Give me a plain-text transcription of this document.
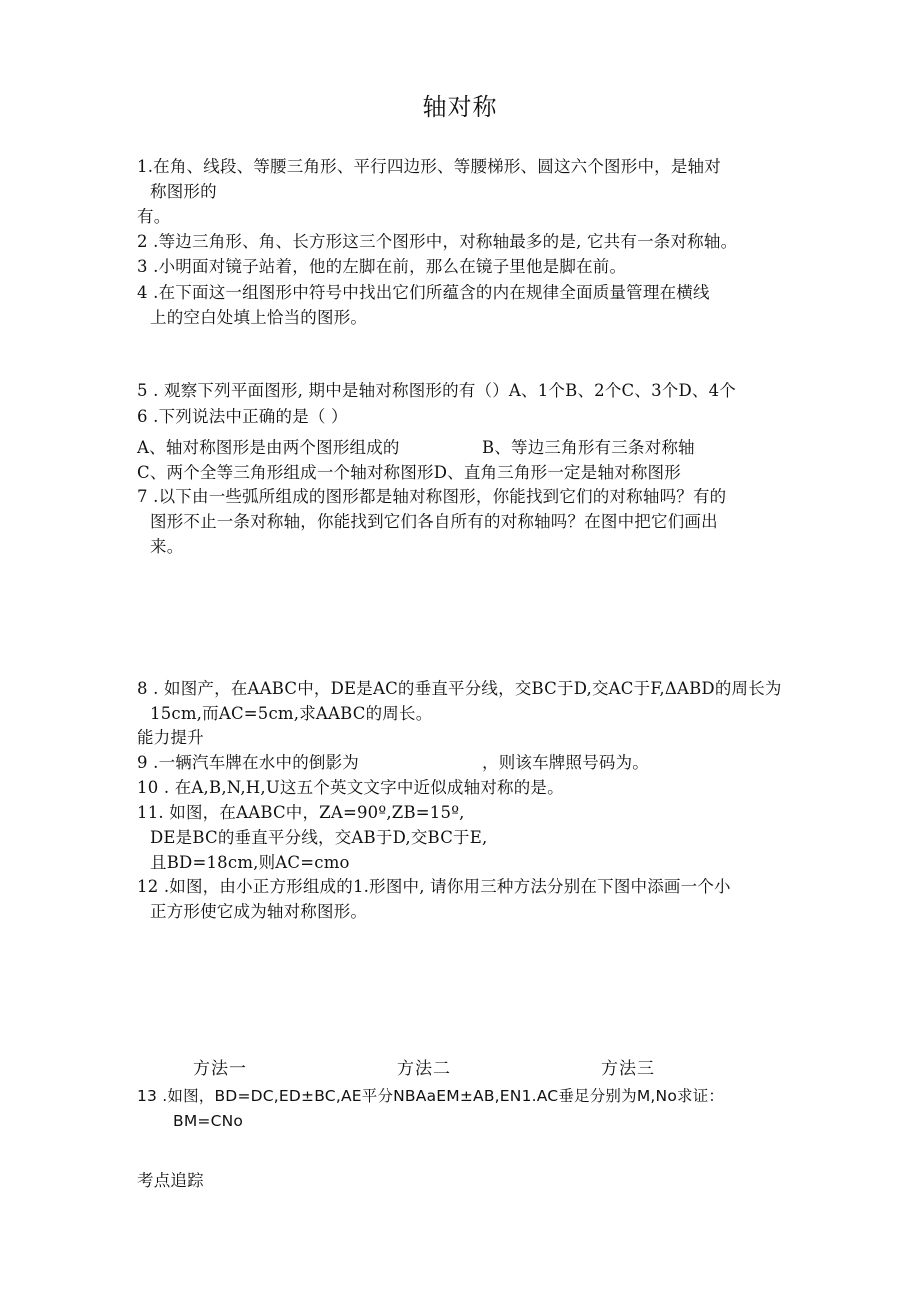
轴对称
1.在角、线段、等腰三角形、平行四边形、等腰梯形、圆这六个图形中，是轴对
称图形的
有。
2 .等边三角形、角、长方形这三个图形中，对称轴最多的是, 它共有一条对称轴。
3 .小明面对镜子站着，他的左脚在前，那么在镜子里他是脚在前。
4 .在下面这一组图形中符号中找出它们所蕴含的内在规律全面质量管理在横线
上的空白处填上恰当的图形。
5 . 观察下列平面图形, 期中是轴对称图形的有（）A、1个B、2个C、3个D、4个
6 .下列说法中正确的是（ ）
A、轴对称图形是由两个图形组成的	B、等边三角形有三条对称轴
C、两个全等三角形组成一个轴对称图形D、直角三角形一定是轴对称图形
7 .以下由一些弧所组成的图形都是轴对称图形，你能找到它们的对称轴吗？有的
图形不止一条对称轴，你能找到它们各自所有的对称轴吗？在图中把它们画出
来。
8 . 如图产，在AABC中，DE是AC的垂直平分线，交BC于D,交AC于F,ΔABD的周长为
15cm,而AC=5cm,求AABC的周长。
能力提升
9 .一辆汽车牌在水中的倒影为	，则该车牌照号码为。
10 . 在A,B,N,H,U这五个英文文字中近似成轴对称的是。
11. 如图，在AABC中，ZA=90º,ZB=15º,
DE是BC的垂直平分线，交AB于D,交BC于E,
且BD=18cm,则AC=cmo
12 .如图，由小正方形组成的1.形图中, 请你用三种方法分别在下图中添画一个小
正方形使它成为轴对称图形。
方法一	方法二	方法三
13 .如图，BD=DC,ED±BC,AE平分NBAaEM±AB,EN1.AC垂足分别为M,No求证：
BM=CNo
考点追踪
